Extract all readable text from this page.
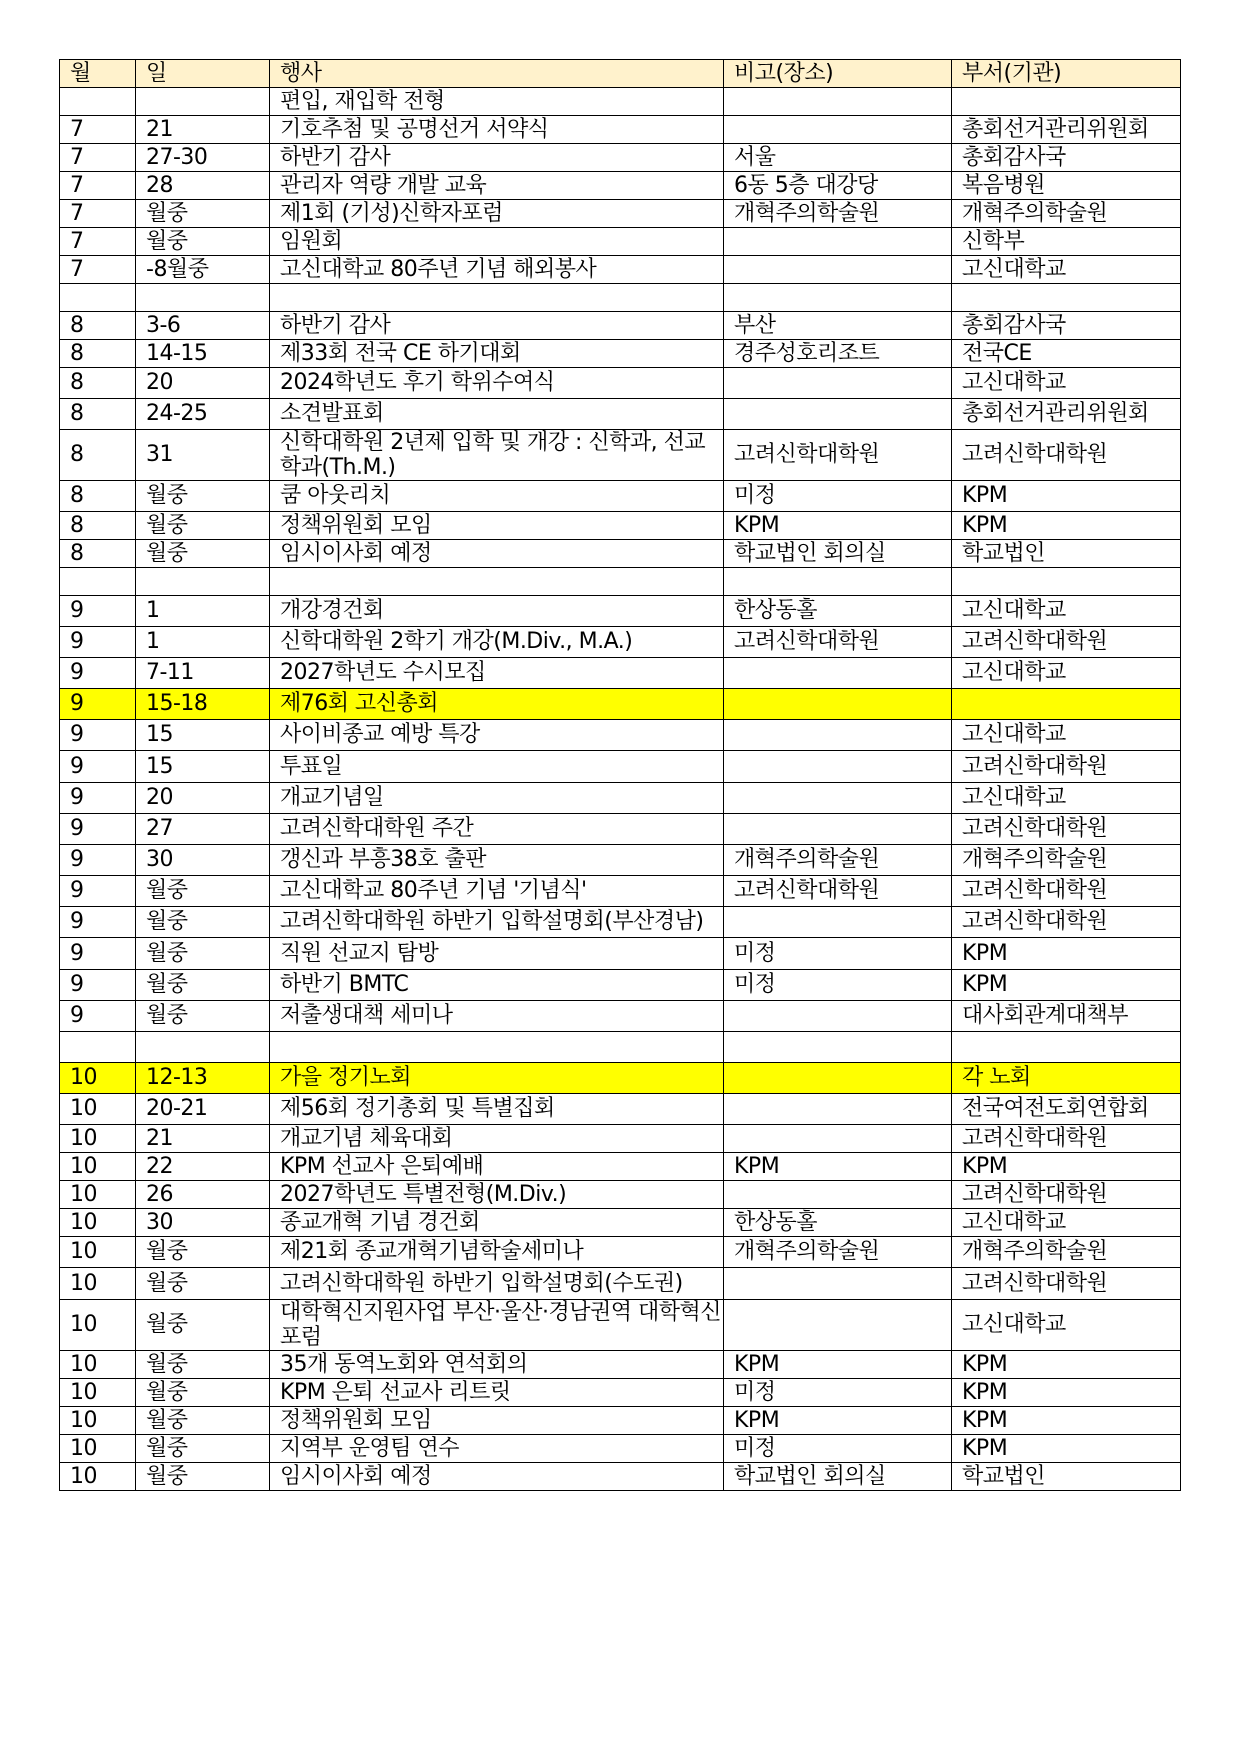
월	일	행사	비고(장소)	부서(기관)
		편입, 재입학 전형		
7	21	기호추첨 및 공명선거 서약식		총회선거관리위원회
7	27-30	하반기 감사	서울	총회감사국
7	28	관리자 역량 개발 교육	6동 5층 대강당	복음병원
7	월중	제1회 (기성)신학자포럼	개혁주의학술원	개혁주의학술원
7	월중	임원회		신학부
7	-8월중	고신대학교 80주년 기념 해외봉사		고신대학교

8	3-6	하반기 감사	부산	총회감사국
8	14-15	제33회 전국 CE 하기대회	경주성호리조트	전국CE
8	20	2024학년도 후기 학위수여식		고신대학교
8	24-25	소견발표회		총회선거관리위원회
8	31	신학대학원 2년제 입학 및 개강 : 신학과, 선교학과(Th.M.)	고려신학대학원	고려신학대학원
8	월중	쿰 아웃리치	미정	KPM
8	월중	정책위원회 모임	KPM	KPM
8	월중	임시이사회 예정	학교법인 회의실	학교법인

9	1	개강경건회	한상동홀	고신대학교
9	1	신학대학원 2학기 개강(M.Div., M.A.)	고려신학대학원	고려신학대학원
9	7-11	2027학년도 수시모집		고신대학교
9	15-18	제76회 고신총회		
9	15	사이비종교 예방 특강		고신대학교
9	15	투표일		고려신학대학원
9	20	개교기념일		고신대학교
9	27	고려신학대학원 주간		고려신학대학원
9	30	갱신과 부흥38호 출판	개혁주의학술원	개혁주의학술원
9	월중	고신대학교 80주년 기념 '기념식'	고려신학대학원	고려신학대학원
9	월중	고려신학대학원 하반기 입학설명회(부산경남)		고려신학대학원
9	월중	직원 선교지 탐방	미정	KPM
9	월중	하반기 BMTC	미정	KPM
9	월중	저출생대책 세미나		대사회관계대책부

10	12-13	가을 정기노회		각 노회
10	20-21	제56회 정기총회 및 특별집회		전국여전도회연합회
10	21	개교기념 체육대회		고려신학대학원
10	22	KPM 선교사 은퇴예배	KPM	KPM
10	26	2027학년도 특별전형(M.Div.)		고려신학대학원
10	30	종교개혁 기념 경건회	한상동홀	고신대학교
10	월중	제21회 종교개혁기념학술세미나	개혁주의학술원	개혁주의학술원
10	월중	고려신학대학원 하반기 입학설명회(수도권)		고려신학대학원
10	월중	대학혁신지원사업 부산·울산·경남권역 대학혁신 포럼		고신대학교
10	월중	35개 동역노회와 연석회의	KPM	KPM
10	월중	KPM 은퇴 선교사 리트릿	미정	KPM
10	월중	정책위원회 모임	KPM	KPM
10	월중	지역부 운영팀 연수	미정	KPM
10	월중	임시이사회 예정	학교법인 회의실	학교법인
